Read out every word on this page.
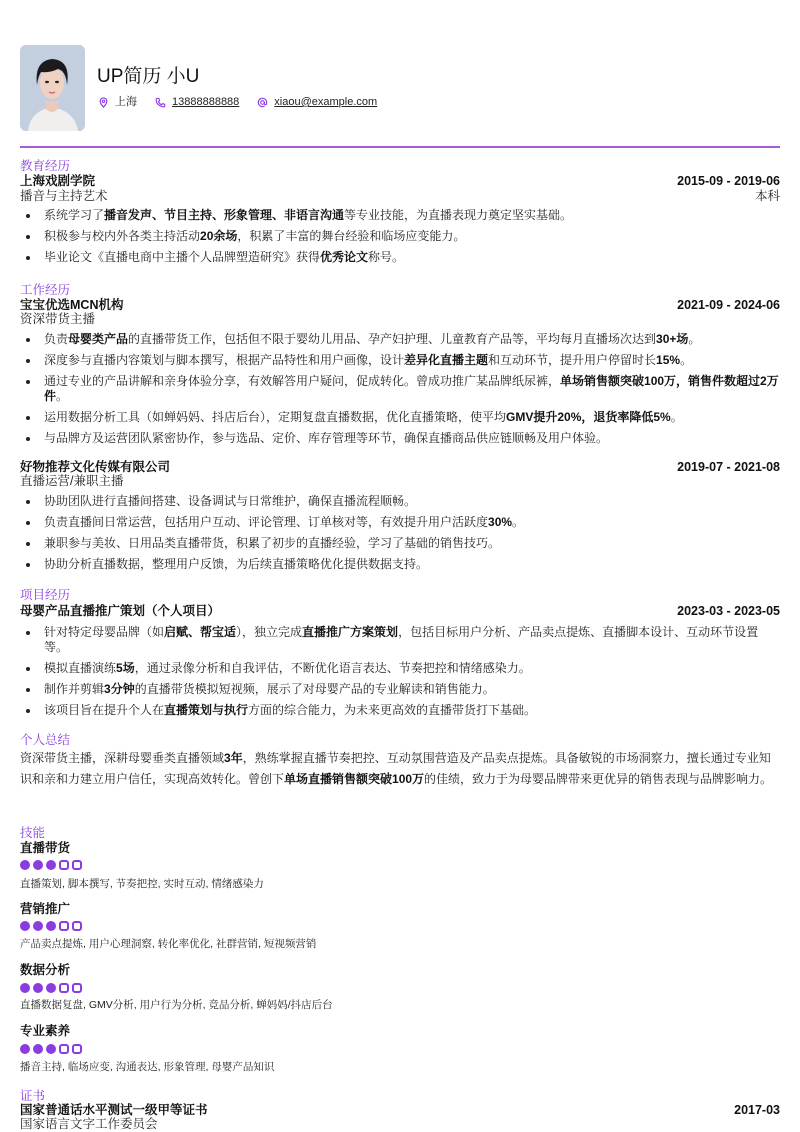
UP简历 小U
上海	13888888888	xiaou@example.com
教育经历
上海戏剧学院	2015-09 - 2019-06
播音与主持艺术	本科
系统学习了播音发声、节目主持、形象管理、非语言沟通等专业技能，为直播表现力奠定坚实基础。
积极参与校内外各类主持活动20余场，积累了丰富的舞台经验和临场应变能力。
毕业论文《直播电商中主播个人品牌塑造研究》获得优秀论文称号。
工作经历
宝宝优选MCN机构	2021-09 - 2024-06
资深带货主播
负责母婴类产品的直播带货工作，包括但不限于婴幼儿用品、孕产妇护理、儿童教育产品等，平均每月直播场次达到30+场。
深度参与直播内容策划与脚本撰写，根据产品特性和用户画像，设计差异化直播主题和互动环节，提升用户停留时长15%。
通过专业的产品讲解和亲身体验分享，有效解答用户疑问，促成转化。曾成功推广某品牌纸尿裤，单场销售额突破100万，销售件数超过2万件。
运用数据分析工具（如蝉妈妈、抖店后台），定期复盘直播数据，优化直播策略，使平均GMV提升20%，退货率降低5%。
与品牌方及运营团队紧密协作，参与选品、定价、库存管理等环节，确保直播商品供应链顺畅及用户体验。
好物推荐文化传媒有限公司	2019-07 - 2021-08
直播运营/兼职主播
协助团队进行直播间搭建、设备调试与日常维护，确保直播流程顺畅。
负责直播间日常运营，包括用户互动、评论管理、订单核对等，有效提升用户活跃度30%。
兼职参与美妆、日用品类直播带货，积累了初步的直播经验，学习了基础的销售技巧。
协助分析直播数据，整理用户反馈，为后续直播策略优化提供数据支持。
项目经历
母婴产品直播推广策划（个人项目）	2023-03 - 2023-05
针对特定母婴品牌（如启赋、帮宝适），独立完成直播推广方案策划，包括目标用户分析、产品卖点提炼、直播脚本设计、互动环节设置等。
模拟直播演练5场，通过录像分析和自我评估，不断优化语言表达、节奏把控和情绪感染力。
制作并剪辑3分钟的直播带货模拟短视频，展示了对母婴产品的专业解读和销售能力。
该项目旨在提升个人在直播策划与执行方面的综合能力，为未来更高效的直播带货打下基础。
个人总结
资深带货主播，深耕母婴垂类直播领域3年，熟练掌握直播节奏把控、互动氛围营造及产品卖点提炼。具备敏锐的市场洞察力，擅长通过专业知识和亲和力建立用户信任，实现高效转化。曾创下单场直播销售额突破100万的佳绩，致力于为母婴品牌带来更优异的销售表现与品牌影响力。
技能
直播带货
直播策划, 脚本撰写, 节奏把控, 实时互动, 情绪感染力
营销推广
产品卖点提炼, 用户心理洞察, 转化率优化, 社群营销, 短视频营销
数据分析
直播数据复盘, GMV分析, 用户行为分析, 竞品分析, 蝉妈妈/抖店后台
专业素养
播音主持, 临场应变, 沟通表达, 形象管理, 母婴产品知识
证书
国家普通话水平测试一级甲等证书	2017-03
国家语言文字工作委员会
